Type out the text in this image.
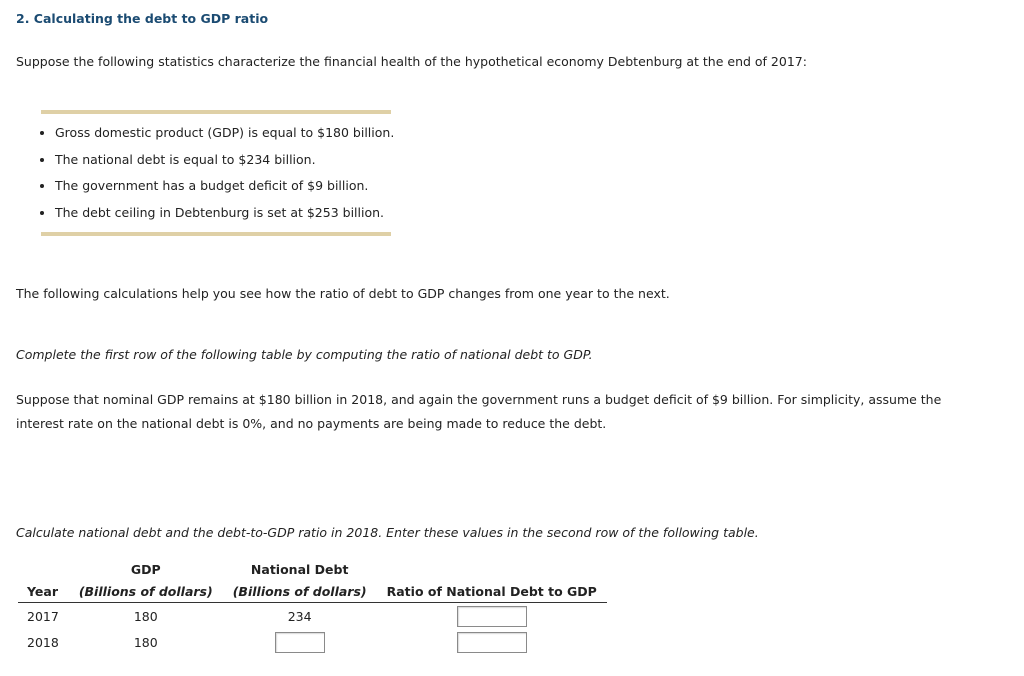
2. Calculating the debt to GDP ratio
Suppose the following statistics characterize the financial health of the hypothetical economy Debtenburg at the end of 2017:
• Gross domestic product (GDP) is equal to $180 billion.
• The national debt is equal to $234 billion.
• The government has a budget deficit of $9 billion.
• The debt ceiling in Debtenburg is set at $253 billion.
The following calculations help you see how the ratio of debt to GDP changes from one year to the next.
Complete the first row of the following table by computing the ratio of national debt to GDP.
Suppose that nominal GDP remains at $180 billion in 2018, and again the government runs a budget deficit of $9 billion. For simplicity, assume the interest rate on the national debt is 0%, and no payments are being made to reduce the debt.
Calculate national debt and the debt-to-GDP ratio in 2018. Enter these values in the second row of the following table.
	GDP	National Debt	
Year	(Billions of dollars)	(Billions of dollars)	Ratio of National Debt to GDP
2017	180	234	
2018	180		
